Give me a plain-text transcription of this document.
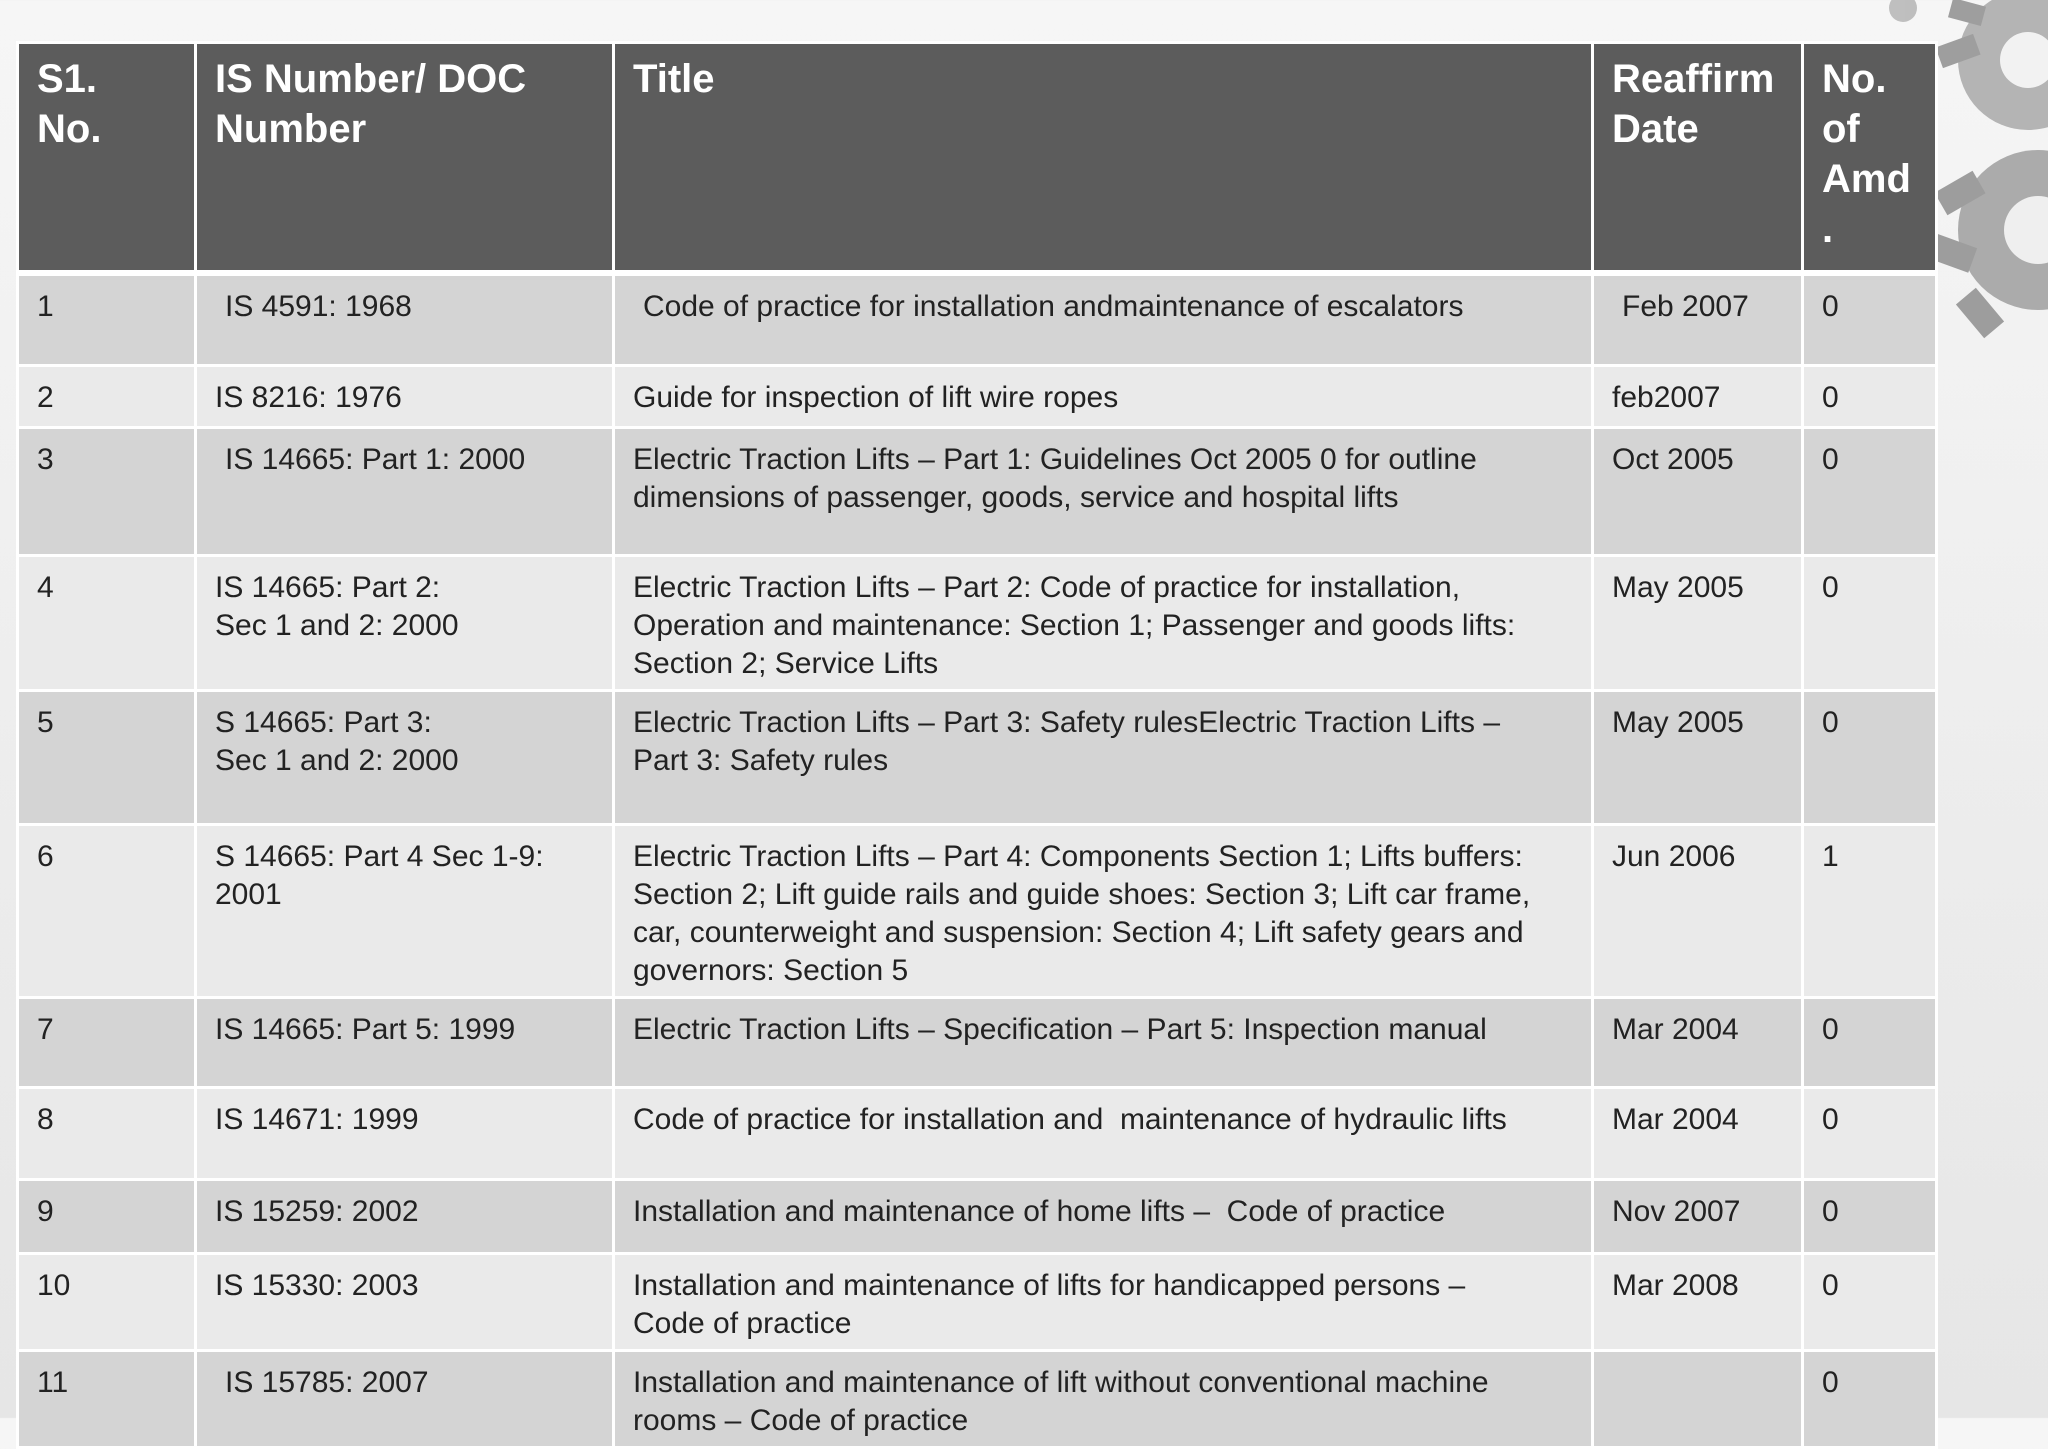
S1.
No.	IS Number/ DOC Number	Title	Reaffirm Date	No. of Amd .
1	IS 4591: 1968	Code of practice for installation andmaintenance of escalators	Feb 2007	0
2	IS 8216: 1976	Guide for inspection of lift wire ropes	feb2007	0
3	IS 14665: Part 1: 2000	Electric Traction Lifts – Part 1: Guidelines Oct 2005 0 for outline
dimensions of passenger, goods, service and hospital lifts	Oct 2005	0
4	IS 14665: Part 2:
Sec 1 and 2: 2000	Electric Traction Lifts – Part 2: Code of practice for installation,
Operation and maintenance: Section 1; Passenger and goods lifts:
Section 2; Service Lifts	May 2005	0
5	S 14665: Part 3:
Sec 1 and 2: 2000	Electric Traction Lifts – Part 3: Safety rulesElectric Traction Lifts –
Part 3: Safety rules	May 2005	0
6	S 14665: Part 4 Sec 1-9:
2001	Electric Traction Lifts – Part 4: Components Section 1; Lifts buffers:
Section 2; Lift guide rails and guide shoes: Section 3; Lift car frame,
car, counterweight and suspension: Section 4; Lift safety gears and
governors: Section 5	Jun 2006	1
7	IS 14665: Part 5: 1999	Electric Traction Lifts – Specification – Part 5: Inspection manual	Mar 2004	0
8	IS 14671: 1999	Code of practice for installation and  maintenance of hydraulic lifts	Mar 2004	0
9	IS 15259: 2002	Installation and maintenance of home lifts –  Code of practice	Nov 2007	0
10	IS 15330: 2003	Installation and maintenance of lifts for handicapped persons –
Code of practice	Mar 2008	0
11	IS 15785: 2007	Installation and maintenance of lift without conventional machine
rooms – Code of practice		0
